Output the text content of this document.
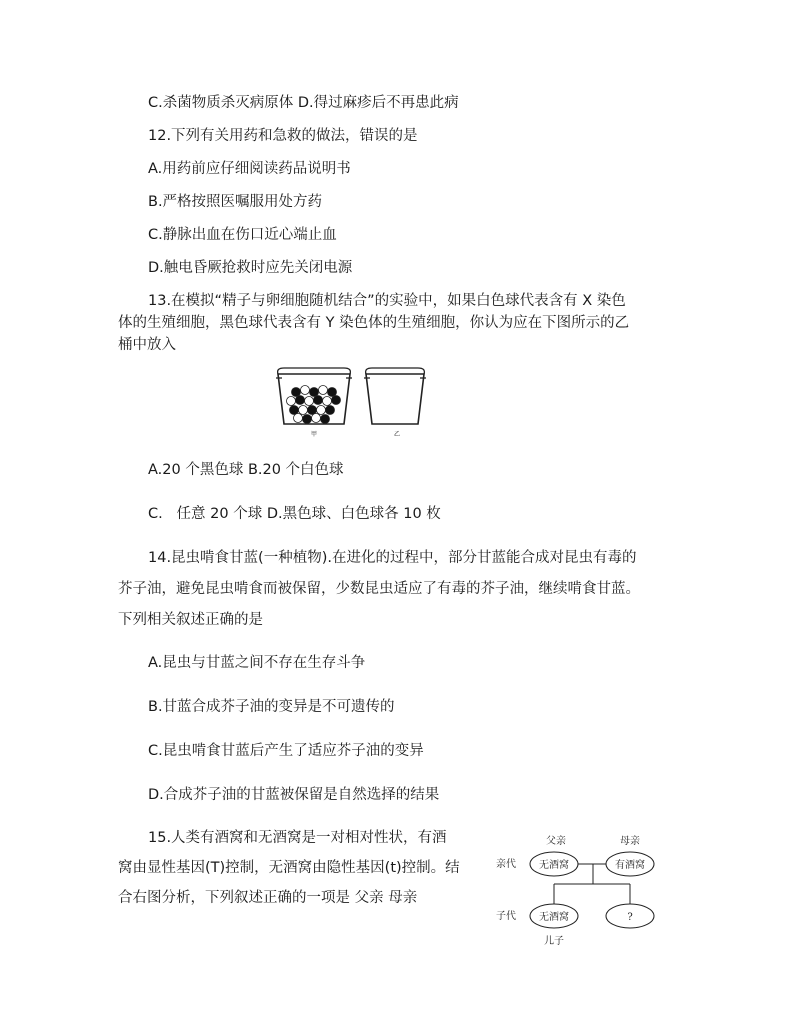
C.杀菌物质杀灭病原体 D.得过麻疹后不再患此病
12.下列有关用药和急救的做法，错误的是
A.用药前应仔细阅读药品说明书
B.严格按照医嘱服用处方药
C.静脉出血在伤口近心端止血
D.触电昏厥抢救时应先关闭电源
13.在模拟“精子与卵细胞随机结合”的实验中，如果白色球代表含有 X 染色
体的生殖细胞，黑色球代表含有 Y 染色体的生殖细胞，你认为应在下图所示的乙
桶中放入
甲	乙
A.20 个黑色球 B.20 个白色球
C.   任意 20 个球 D.黑色球、白色球各 10 枚
14.昆虫啃食甘蓝(一种植物).在进化的过程中，部分甘蓝能合成对昆虫有毒的
芥子油，避免昆虫啃食而被保留，少数昆虫适应了有毒的芥子油，继续啃食甘蓝。
下列相关叙述正确的是
A.昆虫与甘蓝之间不存在生存斗争
B.甘蓝合成芥子油的变异是不可遗传的
C.昆虫啃食甘蓝后产生了适应芥子油的变异
D.合成芥子油的甘蓝被保留是自然选择的结果
15.人类有酒窝和无酒窝是一对相对性状，有酒
窝由显性基因(T)控制，无酒窝由隐性基因(t)控制。结
合右图分析，下列叙述正确的一项是 父亲 母亲
父亲	母亲
亲代
子代
无酒窝	有酒窝
无酒窝	?
儿子
